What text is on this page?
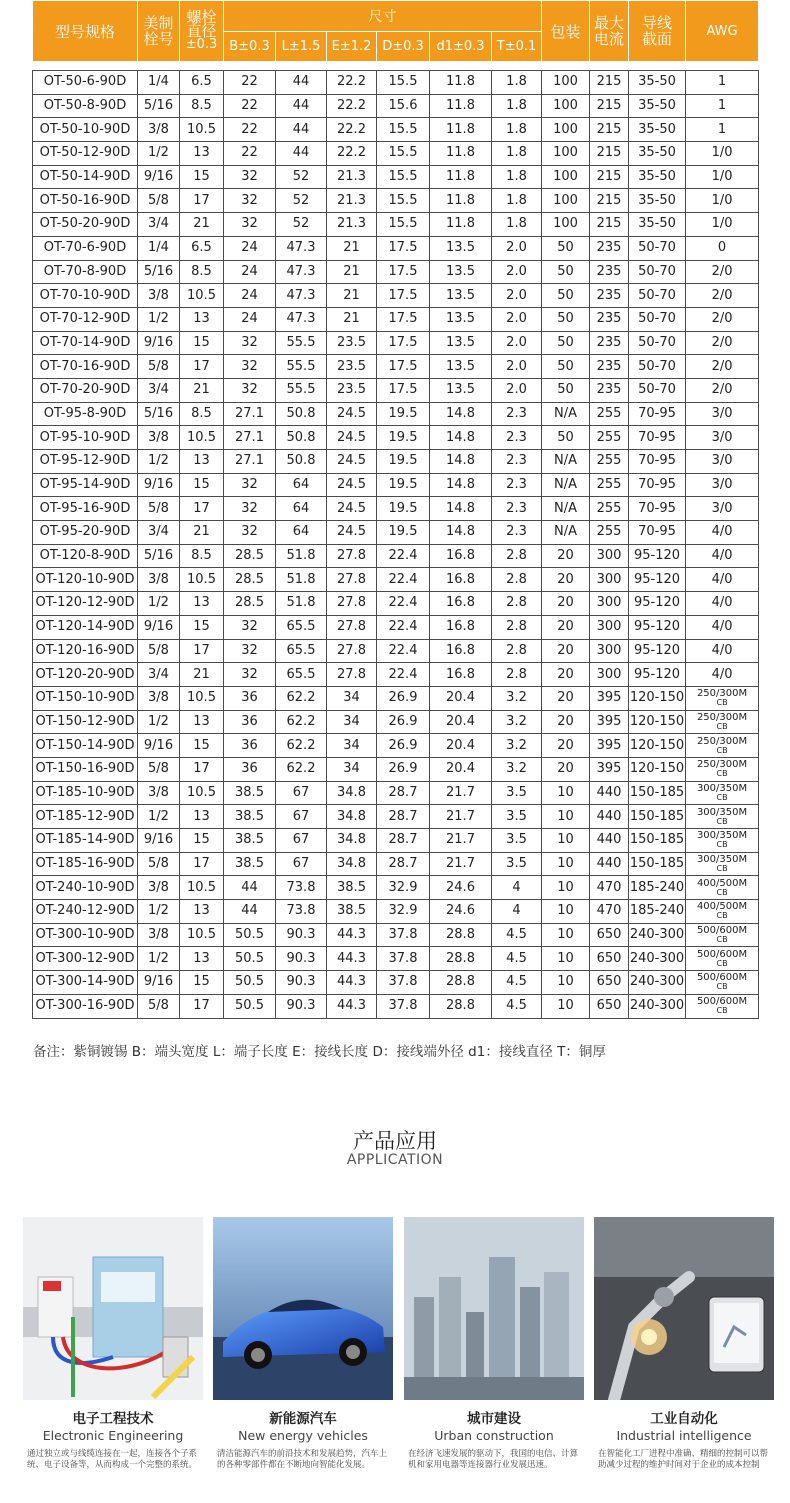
型号规格	美制栓号	螺栓
直径
±0.3	尺寸						包装	最大电流	导线截面	AWG
			B±0.3	L±1.5	E±1.2	D±0.3	d1±0.3	T±0.1				

OT-50-6-90D	1/4	6.5	22	44	22.2	15.5	11.8	1.8	100	215	35-50	1
OT-50-8-90D	5/16	8.5	22	44	22.2	15.6	11.8	1.8	100	215	35-50	1
OT-50-10-90D	3/8	10.5	22	44	22.2	15.5	11.8	1.8	100	215	35-50	1
OT-50-12-90D	1/2	13	22	44	22.2	15.5	11.8	1.8	100	215	35-50	1/0
OT-50-14-90D	9/16	15	32	52	21.3	15.5	11.8	1.8	100	215	35-50	1/0
OT-50-16-90D	5/8	17	32	52	21.3	15.5	11.8	1.8	100	215	35-50	1/0
OT-50-20-90D	3/4	21	32	52	21.3	15.5	11.8	1.8	100	215	35-50	1/0
OT-70-6-90D	1/4	6.5	24	47.3	21	17.5	13.5	2.0	50	235	50-70	0
OT-70-8-90D	5/16	8.5	24	47.3	21	17.5	13.5	2.0	50	235	50-70	2/0
OT-70-10-90D	3/8	10.5	24	47.3	21	17.5	13.5	2.0	50	235	50-70	2/0
OT-70-12-90D	1/2	13	24	47.3	21	17.5	13.5	2.0	50	235	50-70	2/0
OT-70-14-90D	9/16	15	32	55.5	23.5	17.5	13.5	2.0	50	235	50-70	2/0
OT-70-16-90D	5/8	17	32	55.5	23.5	17.5	13.5	2.0	50	235	50-70	2/0
OT-70-20-90D	3/4	21	32	55.5	23.5	17.5	13.5	2.0	50	235	50-70	2/0
OT-95-8-90D	5/16	8.5	27.1	50.8	24.5	19.5	14.8	2.3	N/A	255	70-95	3/0
OT-95-10-90D	3/8	10.5	27.1	50.8	24.5	19.5	14.8	2.3	50	255	70-95	3/0
OT-95-12-90D	1/2	13	27.1	50.8	24.5	19.5	14.8	2.3	N/A	255	70-95	3/0
OT-95-14-90D	9/16	15	32	64	24.5	19.5	14.8	2.3	N/A	255	70-95	3/0
OT-95-16-90D	5/8	17	32	64	24.5	19.5	14.8	2.3	N/A	255	70-95	3/0
OT-95-20-90D	3/4	21	32	64	24.5	19.5	14.8	2.3	N/A	255	70-95	4/0
OT-120-8-90D	5/16	8.5	28.5	51.8	27.8	22.4	16.8	2.8	20	300	95-120	4/0
OT-120-10-90D	3/8	10.5	28.5	51.8	27.8	22.4	16.8	2.8	20	300	95-120	4/0
OT-120-12-90D	1/2	13	28.5	51.8	27.8	22.4	16.8	2.8	20	300	95-120	4/0
OT-120-14-90D	9/16	15	32	65.5	27.8	22.4	16.8	2.8	20	300	95-120	4/0
OT-120-16-90D	5/8	17	32	65.5	27.8	22.4	16.8	2.8	20	300	95-120	4/0
OT-120-20-90D	3/4	21	32	65.5	27.8	22.4	16.8	2.8	20	300	95-120	4/0
OT-150-10-90D	3/8	10.5	36	62.2	34	26.9	20.4	3.2	20	395	120-150	250/300M
CB

OT-150-12-90D	1/2	13	36	62.2	34	26.9	20.4	3.2	20	395	120-150	250/300M
CB

OT-150-14-90D	9/16	15	36	62.2	34	26.9	20.4	3.2	20	395	120-150	250/300M
CB

OT-150-16-90D	5/8	17	36	62.2	34	26.9	20.4	3.2	20	395	120-150	250/300M
CB

OT-185-10-90D	3/8	10.5	38.5	67	34.8	28.7	21.7	3.5	10	440	150-185	300/350M
CB

OT-185-12-90D	1/2	13	38.5	67	34.8	28.7	21.7	3.5	10	440	150-185	300/350M
CB

OT-185-14-90D	9/16	15	38.5	67	34.8	28.7	21.7	3.5	10	440	150-185	300/350M
CB

OT-185-16-90D	5/8	17	38.5	67	34.8	28.7	21.7	3.5	10	440	150-185	300/350M
CB

OT-240-10-90D	3/8	10.5	44	73.8	38.5	32.9	24.6	4	10	470	185-240	400/500M
CB

OT-240-12-90D	1/2	13	44	73.8	38.5	32.9	24.6	4	10	470	185-240	400/500M
CB

OT-300-10-90D	3/8	10.5	50.5	90.3	44.3	37.8	28.8	4.5	10	650	240-300	500/600M
CB

OT-300-12-90D	1/2	13	50.5	90.3	44.3	37.8	28.8	4.5	10	650	240-300	500/600M
CB

OT-300-14-90D	9/16	15	50.5	90.3	44.3	37.8	28.8	4.5	10	650	240-300	500/600M
CB

OT-300-16-90D	5/8	17	50.5	90.3	44.3	37.8	28.8	4.5	10	650	240-300	500/600M
CB
备注：紫铜镀锡 B：端头宽度 L：端子长度 E：接线长度 D：接线端外径 d1：接线直径 T：铜厚
产品应用
APPLICATION
电子工程技术
Electronic Engineering
通过独立或与线缆连接在一起，连接各个子系统、电子设备等，从而构成一个完整的系统。
新能源汽车
New energy vehicles
清洁能源汽车的前沿技术和发展趋势，汽车上的各种零部件都在不断地向智能化发展。
城市建设
Urban construction
在经济飞速发展的驱动下，我国的电信、计算机和家用电器等连接器行业发展迅速。
工业自动化
Industrial intelligence
在智能化工厂进程中准确、精细的控制可以帮助减少过程的维护时间对于企业的成本控制
